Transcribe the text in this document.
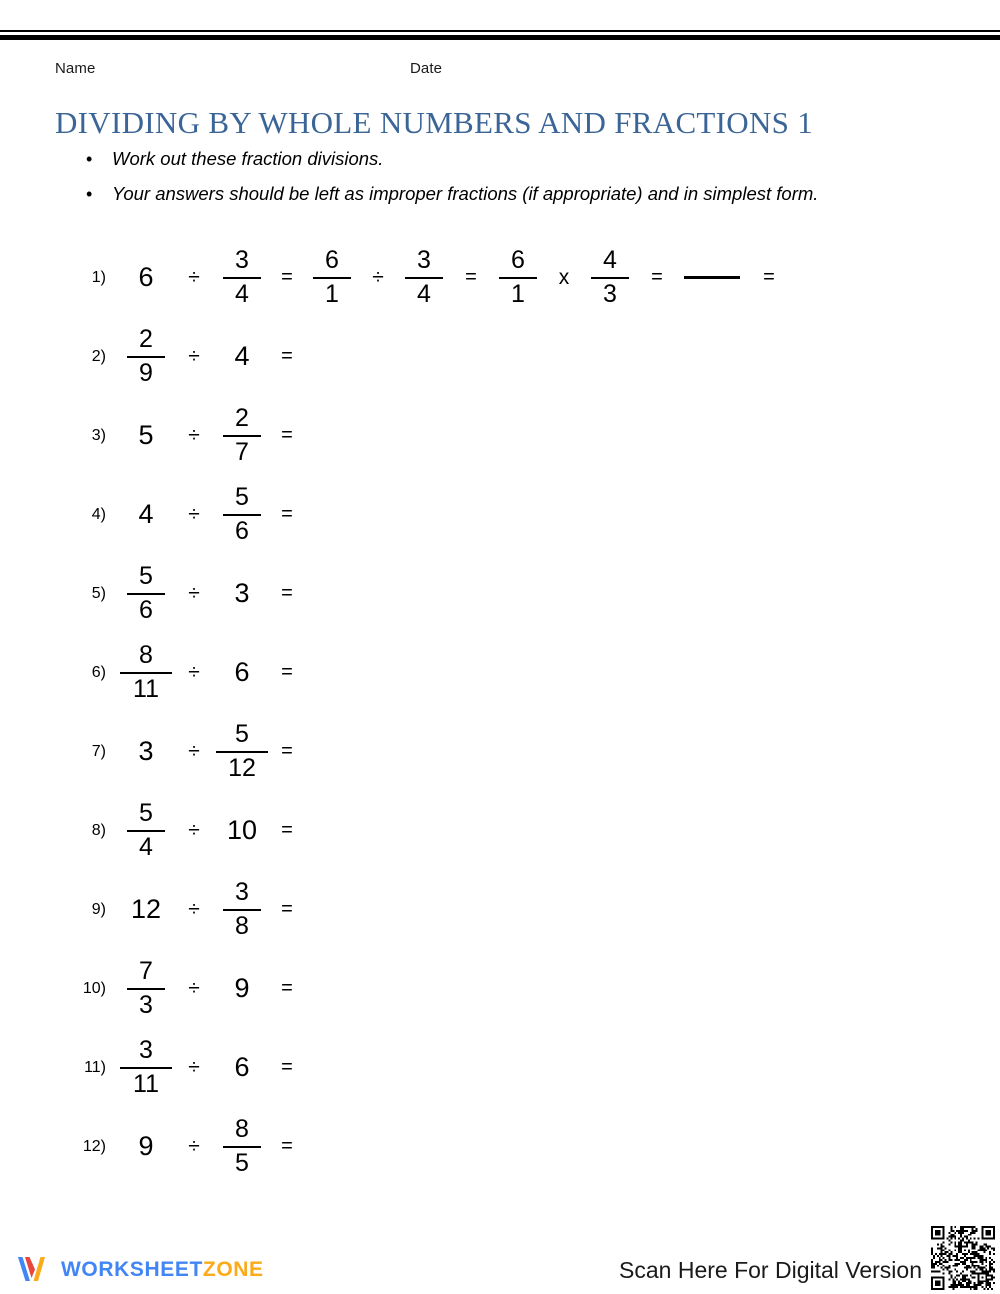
Name	Date
DIVIDING BY WHOLE NUMBERS AND FRACTIONS 1
•	Work out these fraction divisions.
•	Your answers should be left as improper fractions (if appropriate) and in simplest form.
1) $6 \div \frac{3}{4} = \frac{6}{1} \div \frac{3}{4} = \frac{6}{1}$ x $\frac{4}{3}$ =	=
$2) \frac{2}{9} \div 4$ =
3) $5 \div \frac{2}{7}$ =
4) $4 \div \frac{5}{6}$ =
$5) \frac{5}{6} \div 3$ =
$6) \frac{8}{11} \div 6$ =
7) $3 \div \frac{5}{12}$ =
$8) \frac{5}{4} \div 10$ =
9) $12 \div \frac{3}{8}$ =
$10) \frac{7}{3} \div 9$ =
$11) \frac{3}{11} \div 6$ =
12) $9 \div \frac{8}{5}$ =
WORKSHEETZONE	Scan Here For Digital Version
